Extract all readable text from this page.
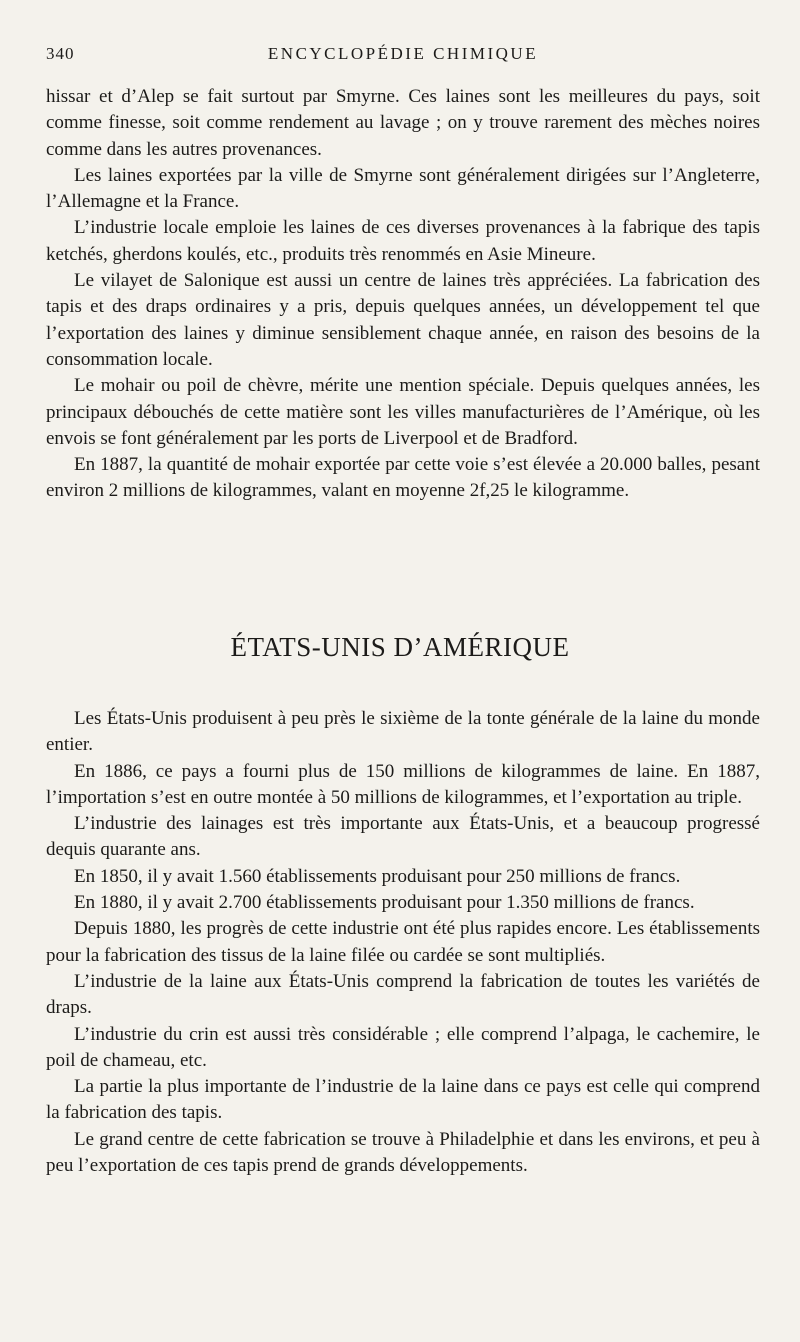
340	ENCYCLOPÉDIE CHIMIQUE

hissar et d’Alep se fait surtout par Smyrne. Ces laines sont les meilleures du pays, soit comme finesse, soit comme rendement au lavage ; on y trouve rarement des mèches noires comme dans les autres provenances.

Les laines exportées par la ville de Smyrne sont généralement dirigées sur l’Angleterre, l’Allemagne et la France.

L’industrie locale emploie les laines de ces diverses provenances à la fabrique des tapis ketchés, gherdons koulés, etc., produits très renommés en Asie Mineure.

Le vilayet de Salonique est aussi un centre de laines très appréciées. La fabrication des tapis et des draps ordinaires y a pris, depuis quelques années, un développement tel que l’exportation des laines y diminue sensiblement chaque année, en raison des besoins de la consommation locale.

Le mohair ou poil de chèvre, mérite une mention spéciale. Depuis quelques années, les principaux débouchés de cette matière sont les villes manufacturières de l’Amérique, où les envois se font généralement par les ports de Liverpool et de Bradford.

En 1887, la quantité de mohair exportée par cette voie s’est élevée a 20.000 balles, pesant environ 2 millions de kilogrammes, valant en moyenne 2f,25 le kilogramme.

ÉTATS-UNIS D’AMÉRIQUE

Les États-Unis produisent à peu près le sixième de la tonte générale de la laine du monde entier.

En 1886, ce pays a fourni plus de 150 millions de kilogrammes de laine. En 1887, l’importation s’est en outre montée à 50 millions de kilogrammes, et l’exportation au triple.

L’industrie des lainages est très importante aux États-Unis, et a beaucoup progressé dequis quarante ans.

En 1850, il y avait 1.560 établissements produisant pour 250 millions de francs.

En 1880, il y avait 2.700 établissements produisant pour 1.350 millions de francs.

Depuis 1880, les progrès de cette industrie ont été plus rapides encore. Les établissements pour la fabrication des tissus de la laine filée ou cardée se sont multipliés.

L’industrie de la laine aux États-Unis comprend la fabrication de toutes les variétés de draps.

L’industrie du crin est aussi très considérable ; elle comprend l’alpaga, le cachemire, le poil de chameau, etc.

La partie la plus importante de l’industrie de la laine dans ce pays est celle qui comprend la fabrication des tapis.

Le grand centre de cette fabrication se trouve à Philadelphie et dans les environs, et peu à peu l’exportation de ces tapis prend de grands développements.
